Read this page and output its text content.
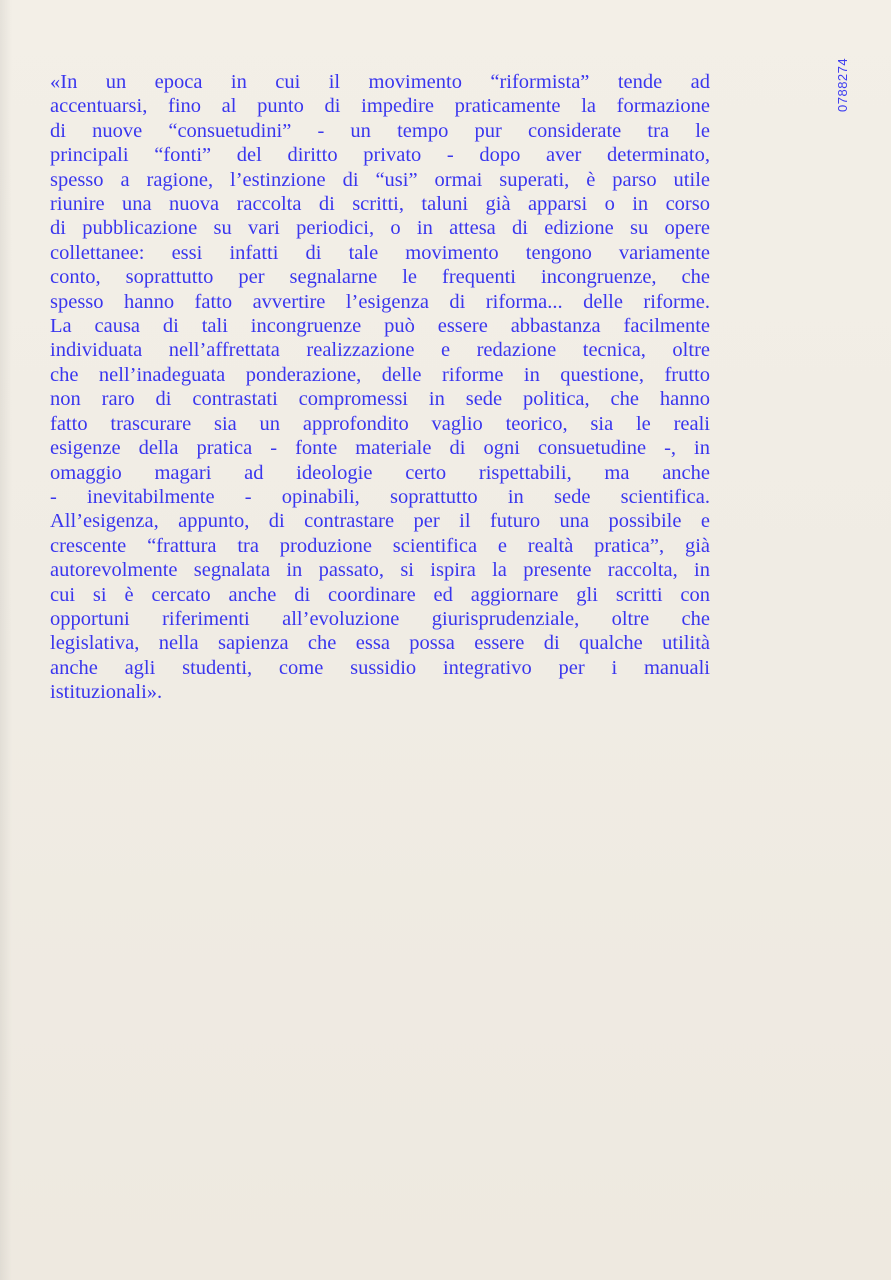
0788274
«In un epoca in cui il movimento “riformista” tende ad
accentuarsi, fino al punto di impedire praticamente la formazione
di nuove “consuetudini” - un tempo pur considerate tra le
principali “fonti” del diritto privato - dopo aver determinato,
spesso a ragione, l’estinzione di “usi” ormai superati, è parso utile
riunire una nuova raccolta di scritti, taluni già apparsi o in corso
di pubblicazione su vari periodici, o in attesa di edizione su opere
collettanee: essi infatti di tale movimento tengono variamente
conto, soprattutto per segnalarne le frequenti incongruenze, che
spesso hanno fatto avvertire l’esigenza di riforma... delle riforme.
La causa di tali incongruenze può essere abbastanza facilmente
individuata nell’affrettata realizzazione e redazione tecnica, oltre
che nell’inadeguata ponderazione, delle riforme in questione, frutto
non raro di contrastati compromessi in sede politica, che hanno
fatto trascurare sia un approfondito vaglio teorico, sia le reali
esigenze della pratica - fonte materiale di ogni consuetudine -, in
omaggio magari ad ideologie certo rispettabili, ma anche
- inevitabilmente - opinabili, soprattutto in sede scientifica.
All’esigenza, appunto, di contrastare per il futuro una possibile e
crescente “frattura tra produzione scientifica e realtà pratica”, già
autorevolmente segnalata in passato, si ispira la presente raccolta, in
cui si è cercato anche di coordinare ed aggiornare gli scritti con
opportuni riferimenti all’evoluzione giurisprudenziale, oltre che
legislativa, nella sapienza che essa possa essere di qualche utilità
anche agli studenti, come sussidio integrativo per i manuali
istituzionali».
